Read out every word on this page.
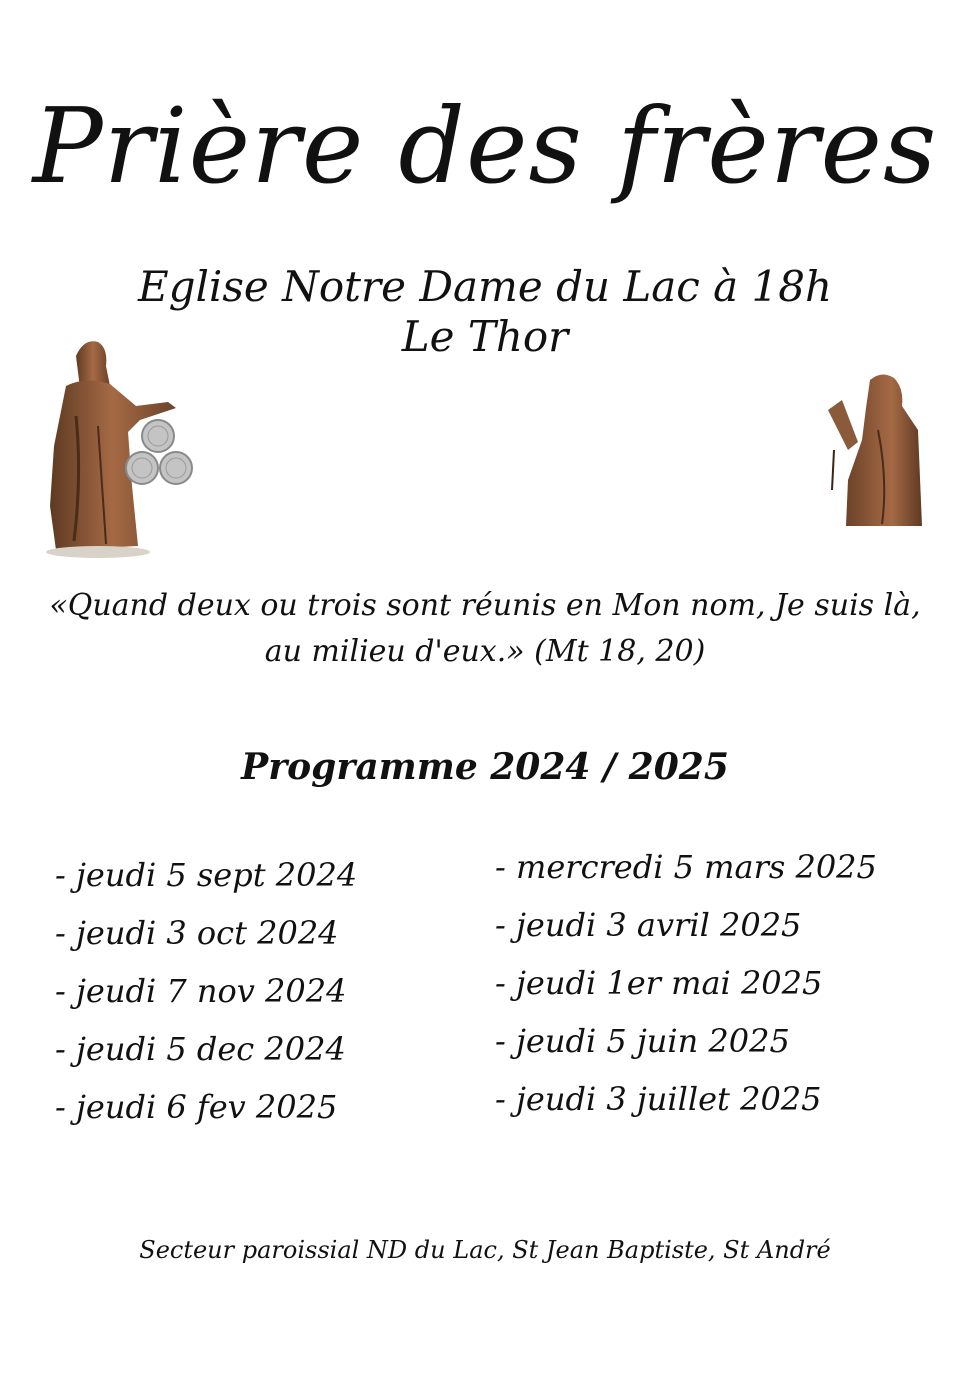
Prière des frères
Eglise Notre Dame du Lac à 18h
Le Thor
«Quand deux ou trois sont réunis en Mon nom, Je suis là,
au milieu d'eux.» (Mt 18, 20)
Programme 2024 / 2025
- jeudi 5 sept 2024
- jeudi 3 oct 2024
- jeudi 7 nov 2024
- jeudi 5 dec 2024
- jeudi 6 fev 2025
- mercredi 5 mars 2025
- jeudi 3 avril 2025
- jeudi 1er mai 2025
- jeudi 5 juin 2025
- jeudi 3 juillet 2025
Secteur paroissial ND du Lac, St Jean Baptiste, St André
